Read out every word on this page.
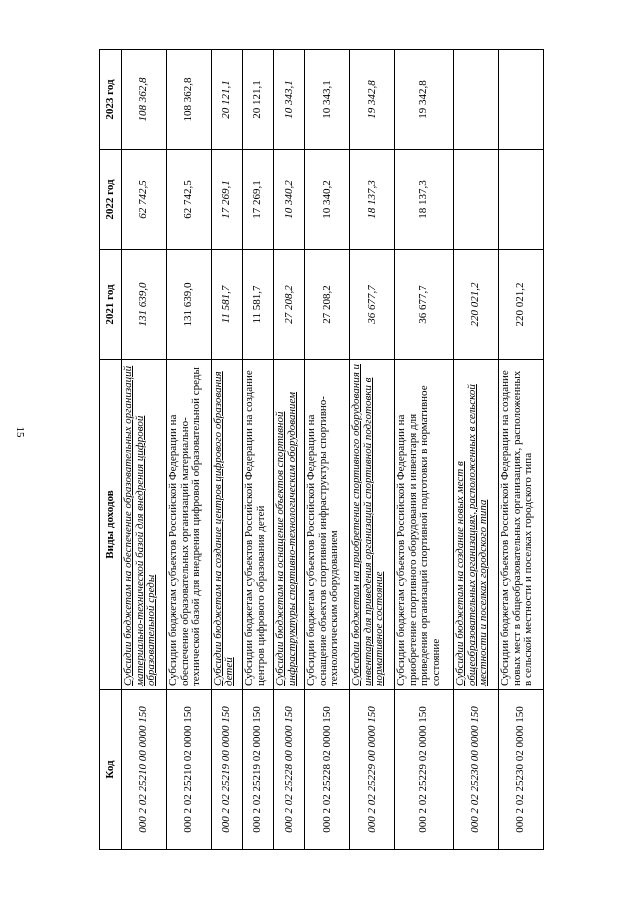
15
Код	Виды доходов	2021 год	2022 год	2023 год
000 2 02 25210 00 0000 150	Субсидии бюджетам на обеспечение образовательных организаций материально-технической базой для внедрения цифровой образовательной среды	131 639,0	62 742,5	108 362,8
000 2 02 25210 02 0000 150	Субсидии бюджетам субъектов Российской Федерации на обеспечение образовательных организаций материально-технической базой для внедрения цифровой образовательной среды	131 639,0	62 742,5	108 362,8
000 2 02 25219 00 0000 150	Субсидии бюджетам на создание центров цифрового образования детей	11 581,7	17 269,1	20 121,1
000 2 02 25219 02 0000 150	Субсидии бюджетам субъектов Российской Федерации на создание центров цифрового образования детей	11 581,7	17 269,1	20 121,1
000 2 02 25228 00 0000 150	Субсидии бюджетам на оснащение объектов спортивной инфраструктуры спортивно-технологическим оборудованием	27 208,2	10 340,2	10 343,1
000 2 02 25228 02 0000 150	Субсидии бюджетам субъектов Российской Федерации на оснащение объектов спортивной инфраструктуры спортивно-технологическим оборудованием	27 208,2	10 340,2	10 343,1
000 2 02 25229 00 0000 150	Субсидии бюджетам на приобретение спортивного оборудования и инвентаря для приведения организаций спортивной подготовки в нормативное состояние	36 677,7	18 137,3	19 342,8
000 2 02 25229 02 0000 150	Субсидии бюджетам субъектов Российской Федерации на приобретение спортивного оборудования и инвентаря для приведения организаций спортивной подготовки в нормативное состояние	36 677,7	18 137,3	19 342,8
000 2 02 25230 00 0000 150	Субсидии бюджетам на создание новых мест в общеобразовательных организациях, расположенных в сельской местности и поселках городского типа	220 021,2		
000 2 02 25230 02 0000 150	Субсидии бюджетам субъектов Российской Федерации на создание новых мест в общеобразовательных организациях, расположенных в сельской местности и поселках городского типа	220 021,2		
